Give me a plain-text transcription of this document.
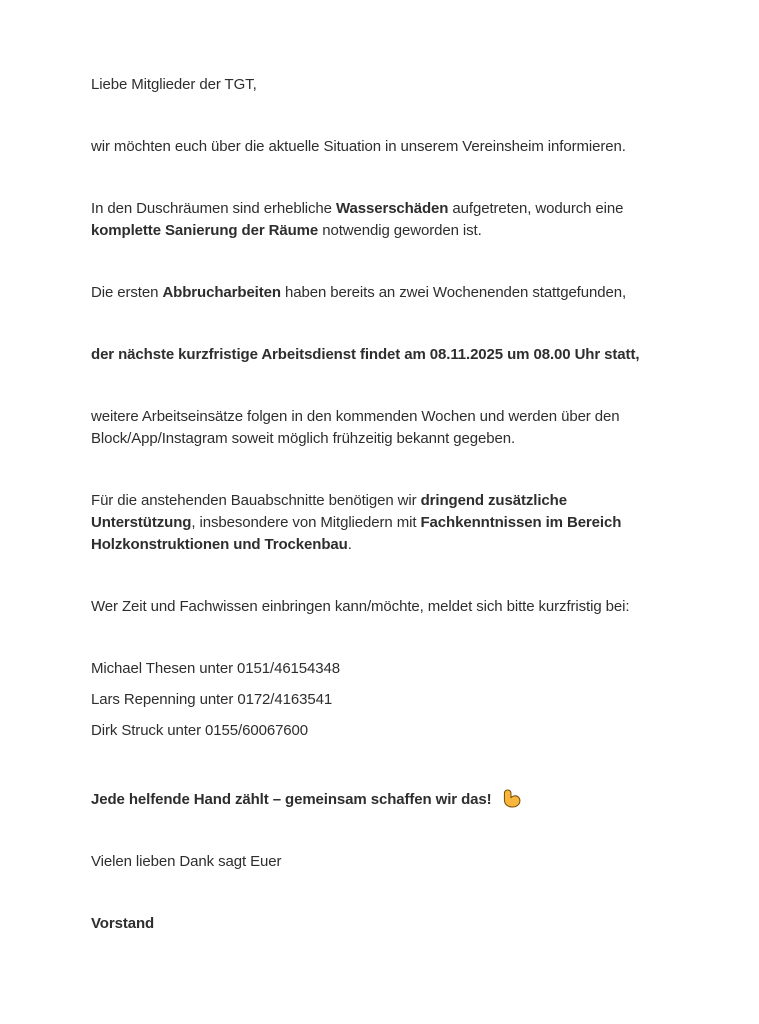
Liebe Mitglieder der TGT,
wir möchten euch über die aktuelle Situation in unserem Vereinsheim informieren.
In den Duschräumen sind erhebliche Wasserschäden aufgetreten, wodurch eine
komplette Sanierung der Räume notwendig geworden ist.
Die ersten Abbrucharbeiten haben bereits an zwei Wochenenden stattgefunden,
der nächste kurzfristige Arbeitsdienst findet am 08.11.2025 um 08.00 Uhr statt,
weitere Arbeitseinsätze folgen in den kommenden Wochen und werden über den
Block/App/Instagram soweit möglich frühzeitig bekannt gegeben.
Für die anstehenden Bauabschnitte benötigen wir dringend zusätzliche
Unterstützung, insbesondere von Mitgliedern mit Fachkenntnissen im Bereich
Holzkonstruktionen und Trockenbau.
Wer Zeit und Fachwissen einbringen kann/möchte, meldet sich bitte kurzfristig bei:
Michael Thesen unter 0151/46154348
Lars Repenning unter 0172/4163541
Dirk Struck unter 0155/60067600
Jede helfende Hand zählt – gemeinsam schaffen wir das!
Vielen lieben Dank sagt Euer
Vorstand
